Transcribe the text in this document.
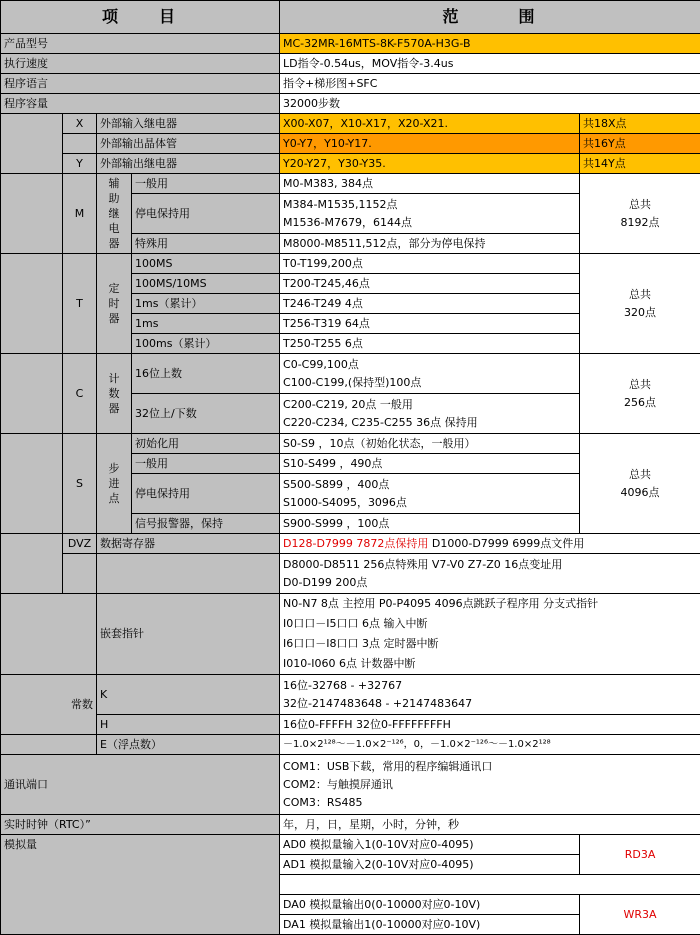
项　　目				范　　　围	
产品型号				MC-32MR-16MTS-8K-F570A-H3G-B	
执行速度				LD指令-0.54us，MOV指令-3.4us	
程序语言				指令+梯形图+SFC	
程序容量				32000步数	
	X	外部输入继电器		X00-X07，X10-X17，X20-X21.	共18X点
		外部输出晶体管		Y0-Y7，Y10-Y17.	共16Y点
	Y	外部输出继电器		Y20-Y27，Y30-Y35.	共14Y点
	M	辅助继电器	一般用	M0-M383, 384点	总共
8192点
			停电保持用	M384-M1535,1152点
M1536-M7679，6144点	
			特殊用	M8000-M8511,512点，部分为停电保持	
	T	定时器	100MS	T0-T199,200点	总共
320点
			100MS/10MS	T200-T245,46点	
			1ms（累计）	T246-T249 4点	
			1ms	T256-T319 64点	
			100ms（累计）	T250-T255 6点	
	C	计数器	16位上数	C0-C99,100点
C100-C199,(保持型)100点	总共
256点
			32位上/下数	C200-C219, 20点 一般用
C220-C234, C235-C255 36点 保持用	
	S	步进点	初始化用	S0-S9 ，10点（初始化状态，一般用）	总共
4096点
			一般用	S10-S499 ，490点	
			停电保持用	S500-S899 ，400点
S1000-S4095，3096点	
			信号报警器，保持	S900-S999 ，100点	
	DVZ	数据寄存器		D128-D7999 7872点保持用 D1000-D7999 6999点文件用	
				D8000-D8511 256点特殊用 V7-V0 Z7-Z0 16点变址用
D0-D199 200点	
		嵌套指针		N0-N7 8点 主控用 P0-P4095 4096点跳跃子程序用 分支式指针
I0口口－I5口口 6点 输入中断
I6口口－I8口口 3点 定时器中断
I010-I060 6点 计数器中断	
常数		K		16位-32768 - +32767
32位-2147483648 - +2147483647	
		H		16位0-FFFFH 32位0-FFFFFFFFH	
		E（浮点数）		－1.0×2¹²⁸～－1.0×2⁻¹²⁶，0，－1.0×2⁻¹²⁶～－1.0×2¹²⁸	
通讯端口				COM1：USB下载，常用的程序编辑通讯口
COM2：与触摸屏通讯
COM3：RS485	
实时时钟（RTC）”				年，月，日，星期，小时，分钟，秒	
模拟量				AD0 模拟量输入1(0-10V对应0-4095)	RD3A
				AD1 模拟量输入2(0-10V对应0-4095)	

				DA0 模拟量输出0(0-10000对应0-10V)	WR3A
				DA1 模拟量输出1(0-10000对应0-10V)	
